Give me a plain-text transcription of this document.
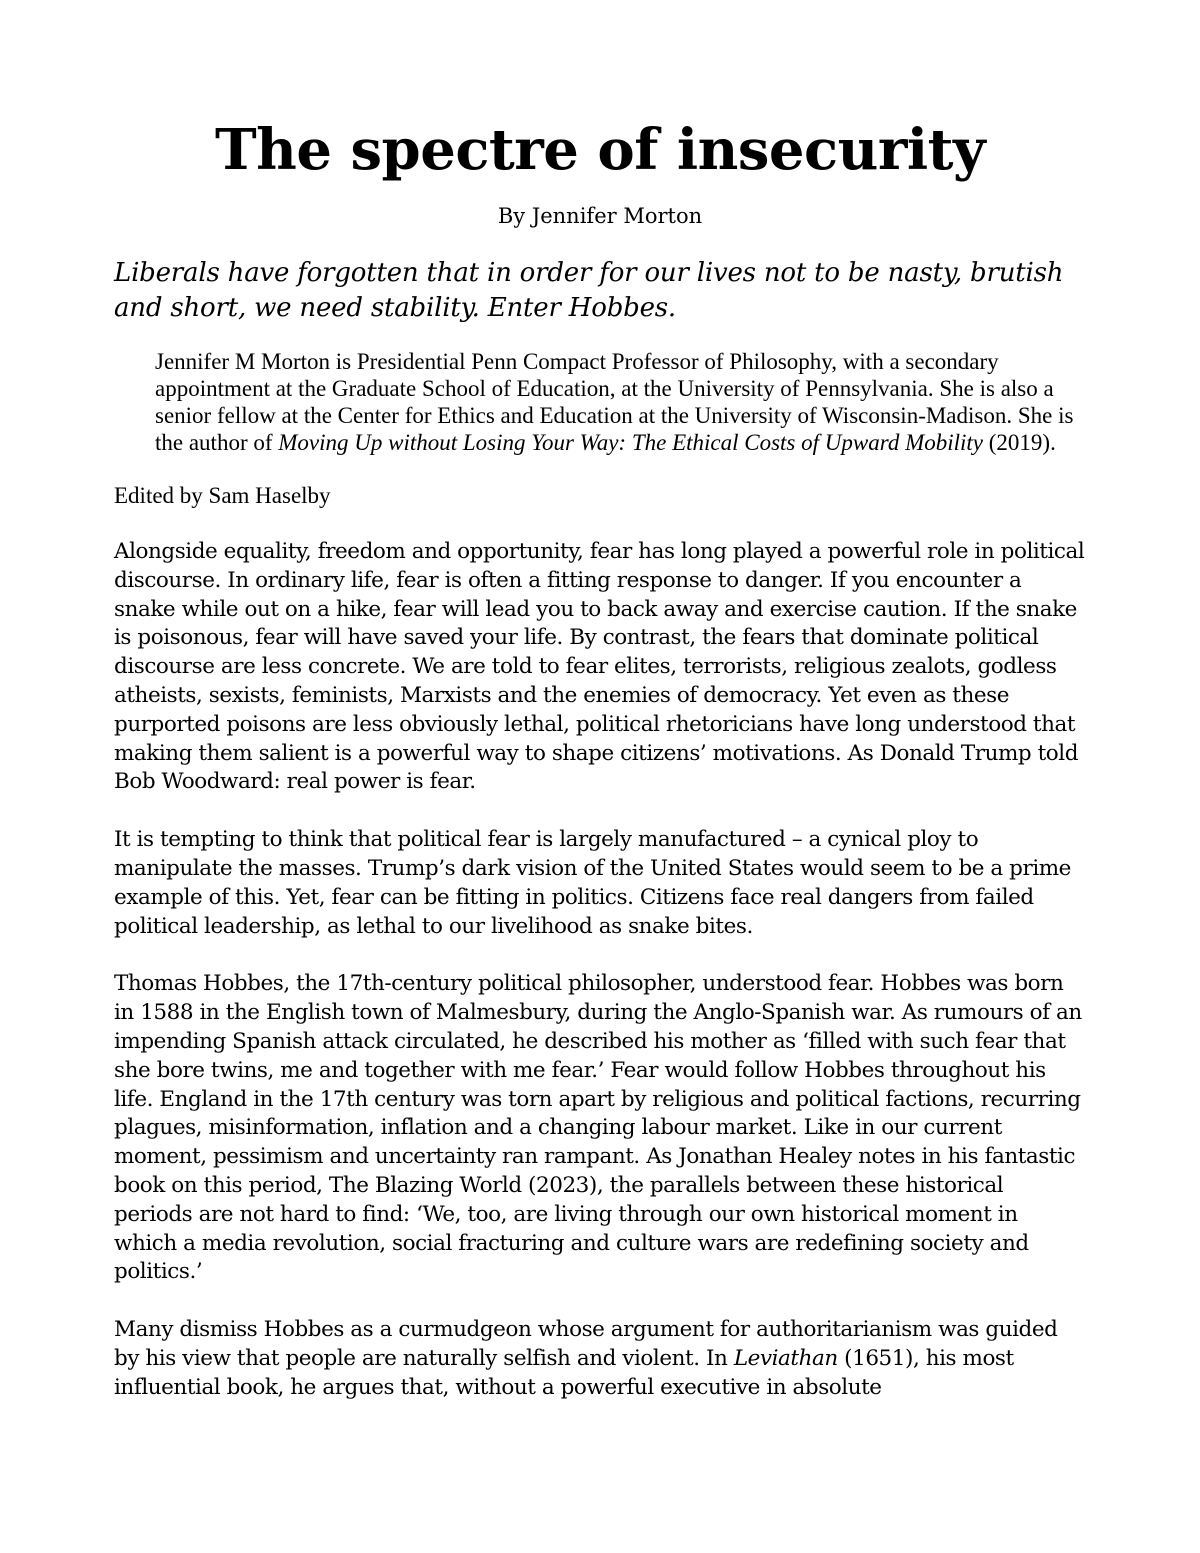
The spectre of insecurity
By Jennifer Morton
Liberals have forgotten that in order for our lives not to be nasty, brutish and short, we need stability. Enter Hobbes.
Jennifer M Morton is Presidential Penn Compact Professor of Philosophy, with a secondary appointment at the Graduate School of Education, at the University of Pennsylvania. She is also a senior fellow at the Center for Ethics and Education at the University of Wisconsin-Madison. She is the author of Moving Up without Losing Your Way: The Ethical Costs of Upward Mobility (2019).
Edited by Sam Haselby

Alongside equality, freedom and opportunity, fear has long played a powerful role in political discourse. In ordinary life, fear is often a fitting response to danger. If you encounter a snake while out on a hike, fear will lead you to back away and exercise caution. If the snake is poisonous, fear will have saved your life. By contrast, the fears that dominate political discourse are less concrete. We are told to fear elites, terrorists, religious zealots, godless atheists, sexists, feminists, Marxists and the enemies of democracy. Yet even as these purported poisons are less obviously lethal, political rhetoricians have long understood that making them salient is a powerful way to shape citizens’ motivations. As Donald Trump told Bob Woodward: real power is fear.

It is tempting to think that political fear is largely manufactured – a cynical ploy to manipulate the masses. Trump’s dark vision of the United States would seem to be a prime example of this. Yet, fear can be fitting in politics. Citizens face real dangers from failed political leadership, as lethal to our livelihood as snake bites.

Thomas Hobbes, the 17th-century political philosopher, understood fear. Hobbes was born in 1588 in the English town of Malmesbury, during the Anglo-Spanish war. As rumours of an impending Spanish attack circulated, he described his mother as ‘filled with such fear that she bore twins, me and together with me fear.’ Fear would follow Hobbes throughout his life. England in the 17th century was torn apart by religious and political factions, recurring plagues, misinformation, inflation and a changing labour market. Like in our current moment, pessimism and uncertainty ran rampant. As Jonathan Healey notes in his fantastic book on this period, The Blazing World (2023), the parallels between these historical periods are not hard to find: ‘We, too, are living through our own historical moment in which a media revolution, social fracturing and culture wars are redefining society and politics.’

Many dismiss Hobbes as a curmudgeon whose argument for authoritarianism was guided by his view that people are naturally selfish and violent. In Leviathan (1651), his most influential book, he argues that, without a powerful executive in absolute
